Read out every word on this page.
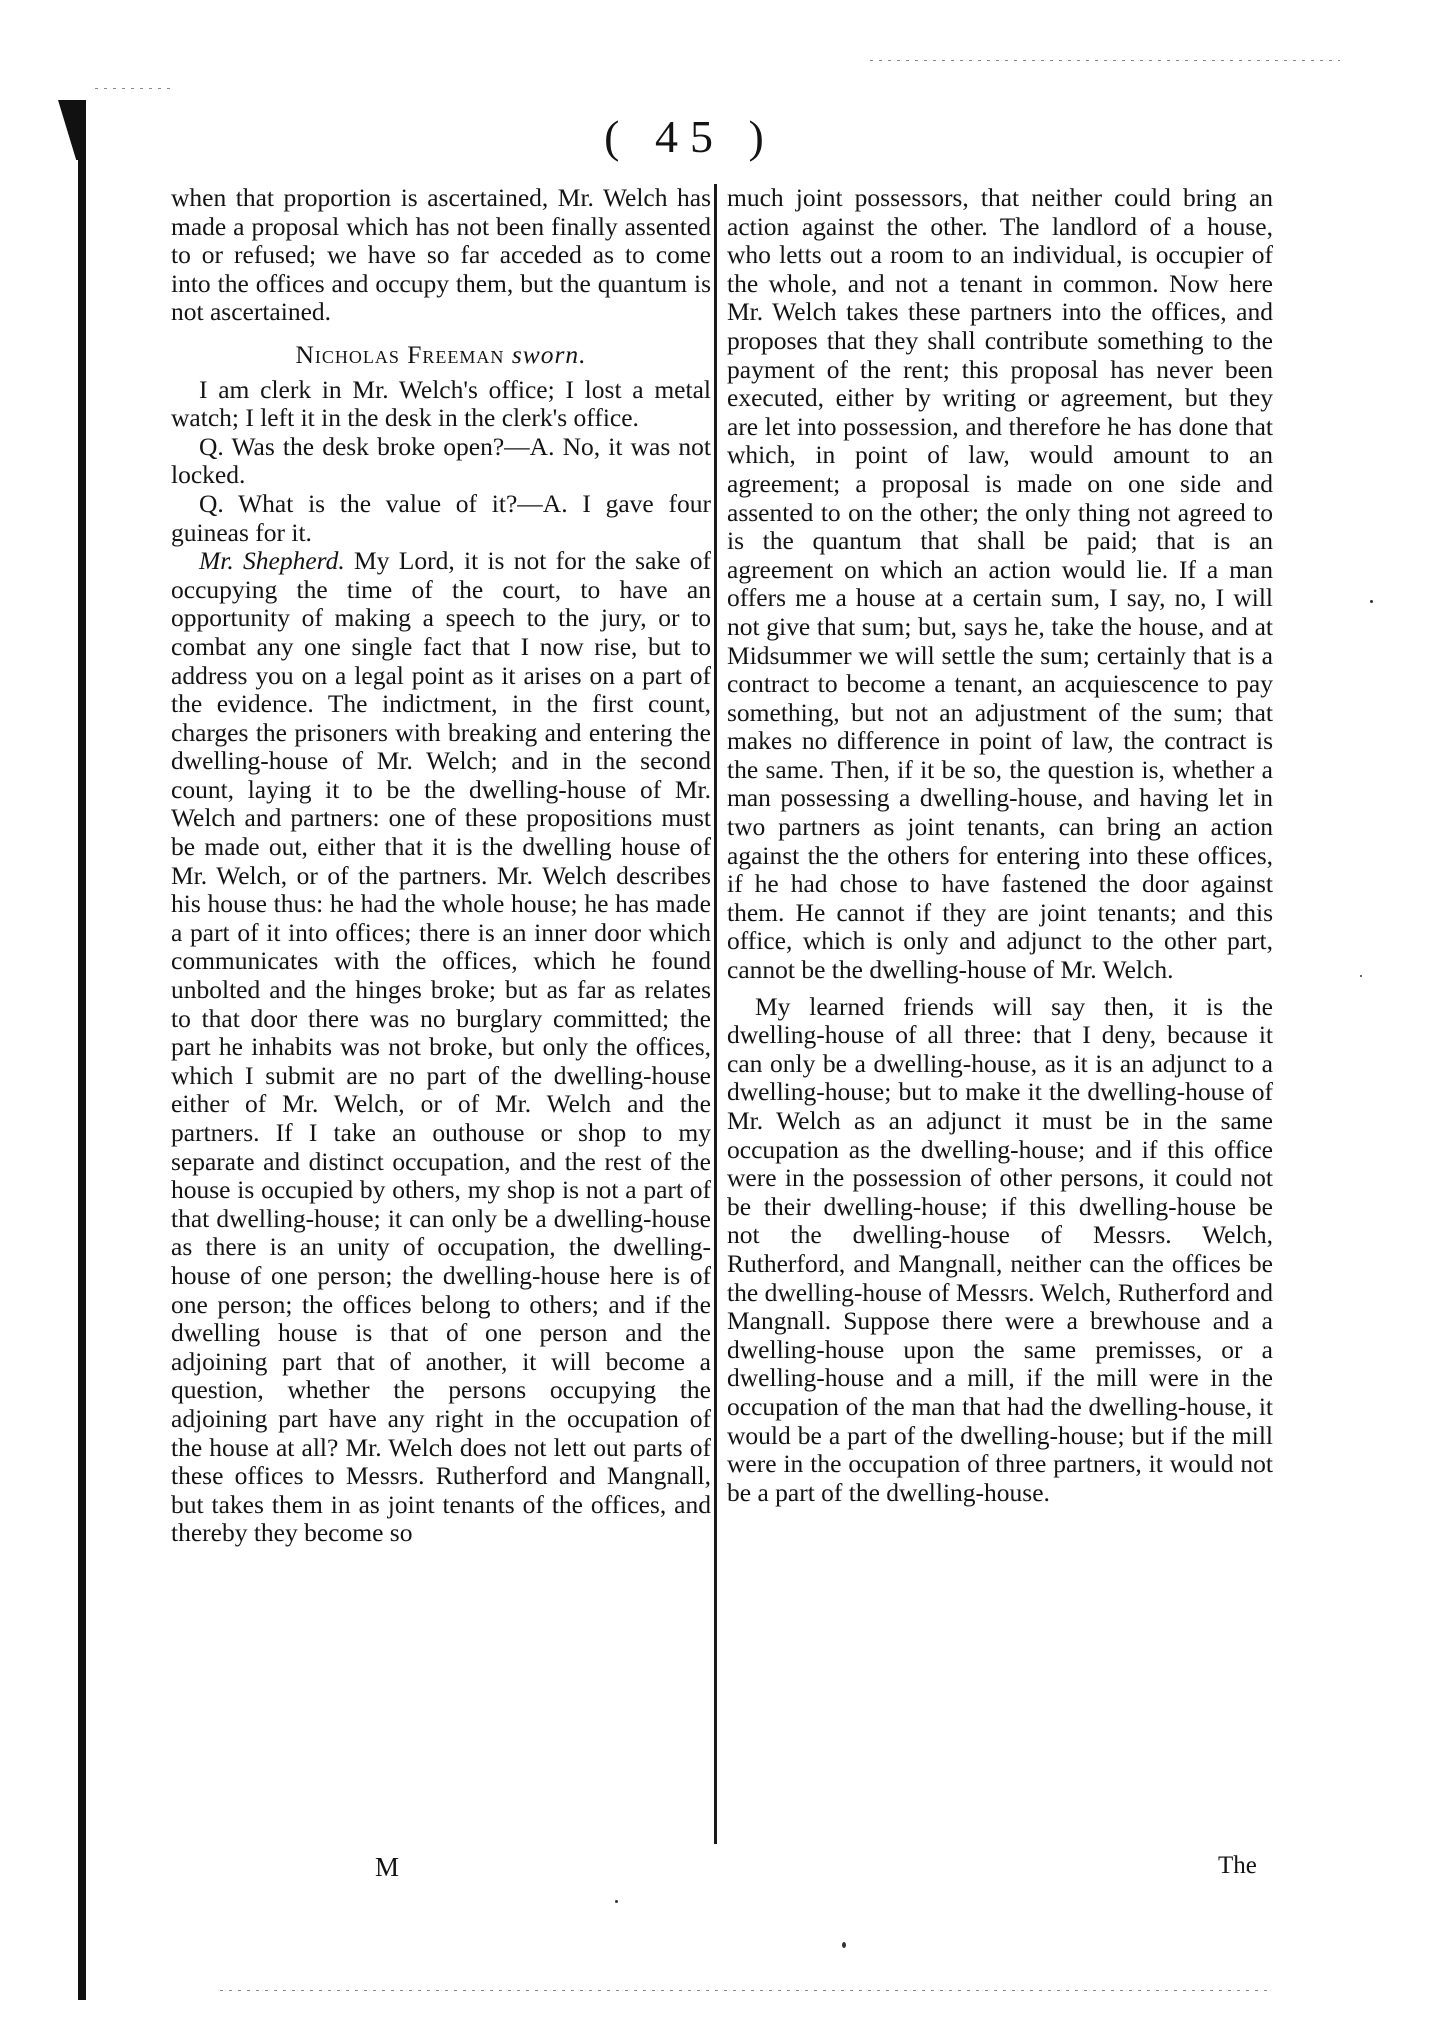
( 45 )

when that proportion is ascertained, Mr. Welch has made a proposal which has not been finally assented to or refused; we have so far acceded as to come into the offices and occupy them, but the quantum is not ascertained.

Nicholas Freeman sworn.

I am clerk in Mr. Welch's office; I lost a metal watch; I left it in the desk in the clerk's office.

Q. Was the desk broke open?—A. No, it was not locked.

Q. What is the value of it?—A. I gave four guineas for it.

Mr. Shepherd. My Lord, it is not for the sake of occupying the time of the court, to have an opportunity of making a speech to the jury, or to combat any one single fact that I now rise, but to address you on a legal point as it arises on a part of the evidence. The indictment, in the first count, charges the prisoners with breaking and entering the dwelling-house of Mr. Welch; and in the second count, laying it to be the dwelling-house of Mr. Welch and partners: one of these propositions must be made out, either that it is the dwelling house of Mr. Welch, or of the partners. Mr. Welch describes his house thus: he had the whole house; he has made a part of it into offices; there is an inner door which communicates with the offices, which he found unbolted and the hinges broke; but as far as relates to that door there was no burglary committed; the part he inhabits was not broke, but only the offices, which I submit are no part of the dwelling-house either of Mr. Welch, or of Mr. Welch and the partners. If I take an outhouse or shop to my separate and distinct occupation, and the rest of the house is occupied by others, my shop is not a part of that dwelling-house; it can only be a dwelling-house as there is an unity of occupation, the dwelling-house of one person; the dwelling-house here is of one person; the offices belong to others; and if the dwelling house is that of one person and the adjoining part that of another, it will become a question, whether the persons occupying the adjoining part have any right in the occupation of the house at all? Mr. Welch does not lett out parts of these offices to Messrs. Rutherford and Mangnall, but takes them in as joint tenants of the offices, and thereby they become so

much joint possessors, that neither could bring an action against the other. The landlord of a house, who letts out a room to an individual, is occupier of the whole, and not a tenant in common. Now here Mr. Welch takes these partners into the offices, and proposes that they shall contribute something to the payment of the rent; this proposal has never been executed, either by writing or agreement, but they are let into possession, and therefore he has done that which, in point of law, would amount to an agreement; a proposal is made on one side and assented to on the other; the only thing not agreed to is the quantum that shall be paid; that is an agreement on which an action would lie. If a man offers me a house at a certain sum, I say, no, I will not give that sum; but, says he, take the house, and at Midsummer we will settle the sum; certainly that is a contract to become a tenant, an acquiescence to pay something, but not an adjustment of the sum; that makes no difference in point of law, the contract is the same. Then, if it be so, the question is, whether a man possessing a dwelling-house, and having let in two partners as joint tenants, can bring an action against the the others for entering into these offices, if he had chose to have fastened the door against them. He cannot if they are joint tenants; and this office, which is only and adjunct to the other part, cannot be the dwelling-house of Mr. Welch.

My learned friends will say then, it is the dwelling-house of all three: that I deny, because it can only be a dwelling-house, as it is an adjunct to a dwelling-house; but to make it the dwelling-house of Mr. Welch as an adjunct it must be in the same occupation as the dwelling-house; and if this office were in the possession of other persons, it could not be their dwelling-house; if this dwelling-house be not the dwelling-house of Messrs. Welch, Rutherford, and Mangnall, neither can the offices be the dwelling-house of Messrs. Welch, Rutherford and Mangnall. Suppose there were a brewhouse and a dwelling-house upon the same premisses, or a dwelling-house and a mill, if the mill were in the occupation of the man that had the dwelling-house, it would be a part of the dwelling-house; but if the mill were in the occupation of three partners, it would not be a part of the dwelling-house.

M	The
